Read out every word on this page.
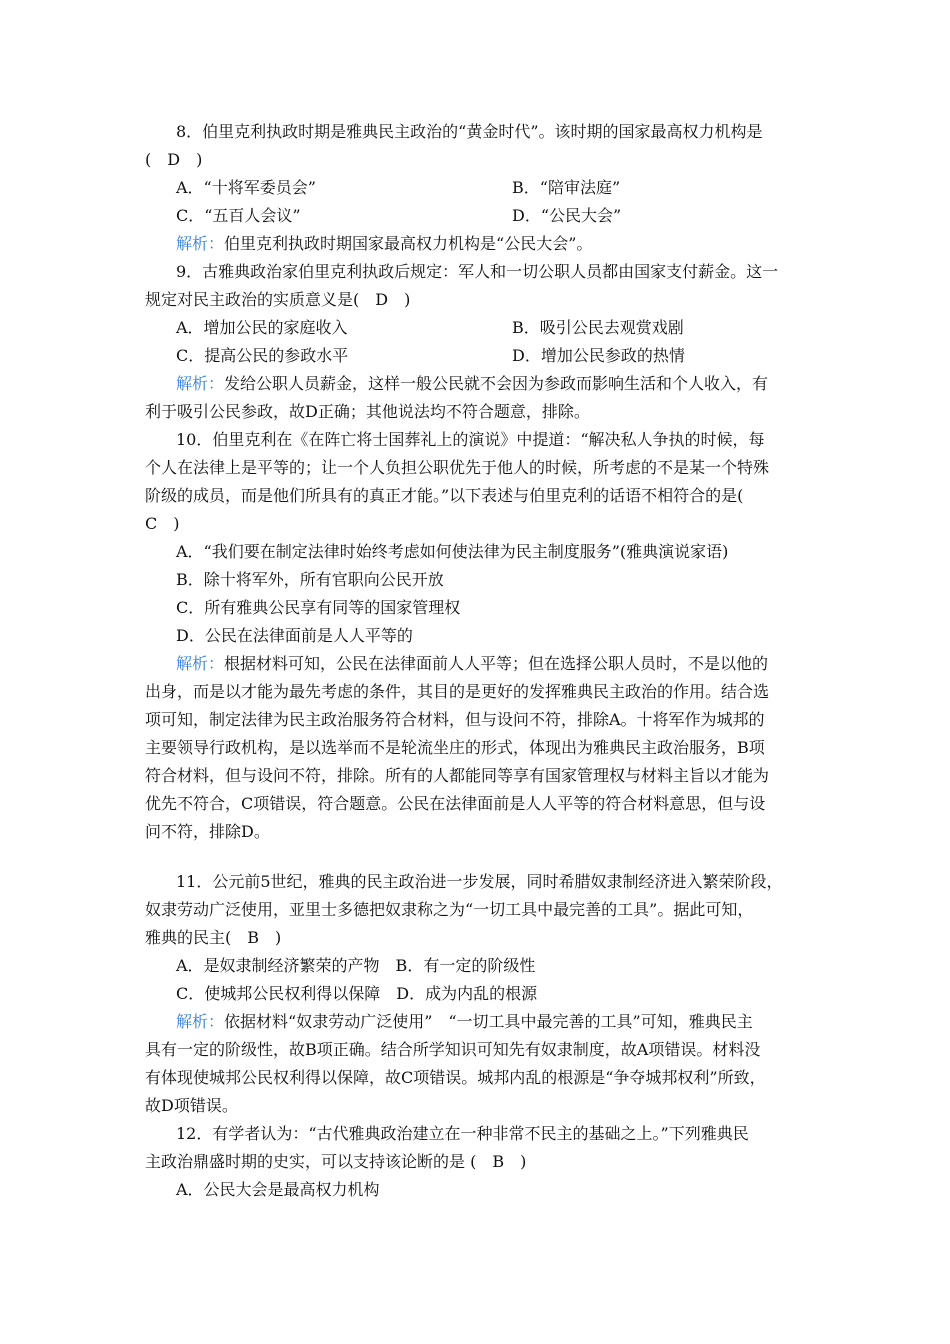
8．伯里克利执政时期是雅典民主政治的“黄金时代”。该时期的国家最高权力机构是
(　D　)
A．“十将军委员会”	B．“陪审法庭”
C．“五百人会议”	D．“公民大会”
解析：伯里克利执政时期国家最高权力机构是“公民大会”。
9．古雅典政治家伯里克利执政后规定：军人和一切公职人员都由国家支付薪金。这一
规定对民主政治的实质意义是(　D　)
A．增加公民的家庭收入	B．吸引公民去观赏戏剧
C．提高公民的参政水平	D．增加公民参政的热情
解析：发给公职人员薪金，这样一般公民就不会因为参政而影响生活和个人收入，有
利于吸引公民参政，故D正确；其他说法均不符合题意，排除。
10．伯里克利在《在阵亡将士国葬礼上的演说》中提道：“解决私人争执的时候，每
个人在法律上是平等的；让一个人负担公职优先于他人的时候，所考虑的不是某一个特殊
阶级的成员，而是他们所具有的真正才能。”以下表述与伯里克利的话语不相符合的是(
C　)
A．“我们要在制定法律时始终考虑如何使法律为民主制度服务”(雅典演说家语)
B．除十将军外，所有官职向公民开放
C．所有雅典公民享有同等的国家管理权
D．公民在法律面前是人人平等的
解析：根据材料可知，公民在法律面前人人平等；但在选择公职人员时，不是以他的
出身，而是以才能为最先考虑的条件，其目的是更好的发挥雅典民主政治的作用。结合选
项可知，制定法律为民主政治服务符合材料，但与设问不符，排除A。十将军作为城邦的
主要领导行政机构，是以选举而不是轮流坐庄的形式，体现出为雅典民主政治服务，B项
符合材料，但与设问不符，排除。所有的人都能同等享有国家管理权与材料主旨以才能为
优先不符合，C项错误，符合题意。公民在法律面前是人人平等的符合材料意思，但与设
问不符，排除D。
11．公元前5世纪，雅典的民主政治进一步发展，同时希腊奴隶制经济进入繁荣阶段，
奴隶劳动广泛使用，亚里士多德把奴隶称之为“一切工具中最完善的工具”。据此可知，
雅典的民主(　B　)
A．是奴隶制经济繁荣的产物　B．有一定的阶级性
C．使城邦公民权利得以保障　D．成为内乱的根源
解析：依据材料“奴隶劳动广泛使用”　“一切工具中最完善的工具”可知，雅典民主
具有一定的阶级性，故B项正确。结合所学知识可知先有奴隶制度，故A项错误。材料没
有体现使城邦公民权利得以保障，故C项错误。城邦内乱的根源是“争夺城邦权利”所致，
故D项错误。
12．有学者认为：“古代雅典政治建立在一种非常不民主的基础之上。”下列雅典民
主政治鼎盛时期的史实，可以支持该论断的是 (　B　)
A．公民大会是最高权力机构
